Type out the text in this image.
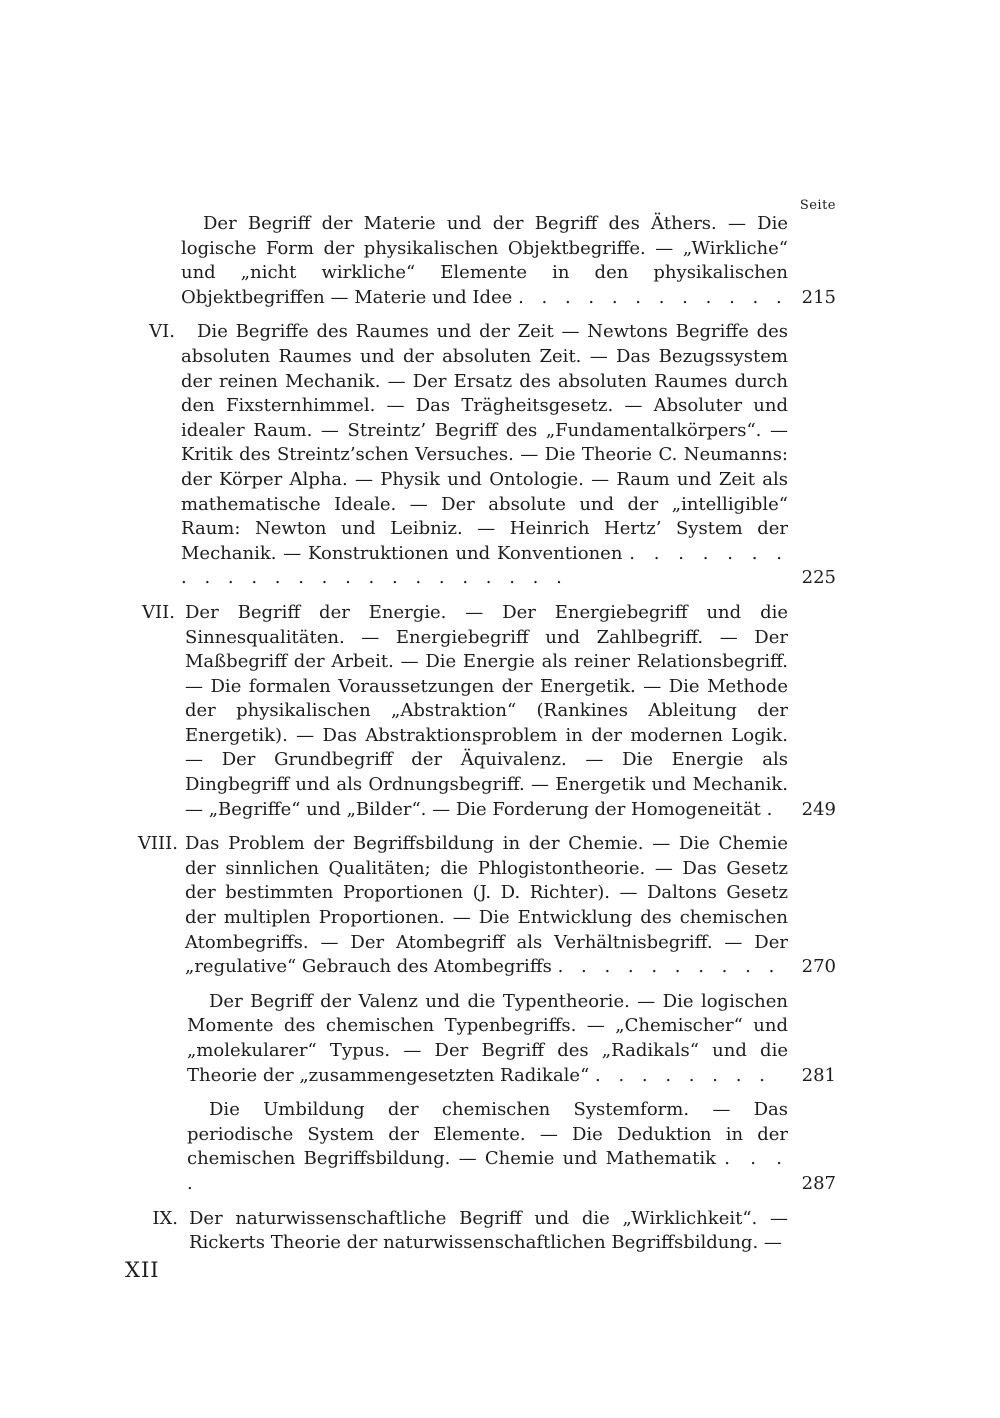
Seite
Der Begriff der Materie und der Begriff des Äthers. — Die logische Form der physikalischen Objektbegriffe. — „Wirkliche“ und „nicht wirkliche“ Elemente in den physikalischen Objektbegriffen — Materie und Idee . . . . . . . . . . . . 215
VI.	Die Begriffe des Raumes und der Zeit — Newtons Begriffe des absoluten Raumes und der absoluten Zeit. — Das Bezugssystem der reinen Mechanik. — Der Ersatz des absoluten Raumes durch den Fixsternhimmel. — Das Trägheitsgesetz. — Absoluter und idealer Raum. — Streintz’ Begriff des „Fundamentalkörpers“. — Kritik des Streintz’schen Versuches. — Die Theorie C. Neumanns: der Körper Alpha. — Physik und Ontologie. — Raum und Zeit als mathematische Ideale. — Der absolute und der „intelligible“ Raum: Newton und Leibniz. — Heinrich Hertz’ System der Mechanik. — Konstruktionen und Konventionen . . . . . . . . . . . . . . . . . . . . . . . .	225
VII. Der Begriff der Energie. — Der Energiebegriff und die Sinnesqualitäten. — Energiebegriff und Zahlbegriff. — Der Maßbegriff der Arbeit. — Die Energie als reiner Relationsbegriff. — Die formalen Voraussetzungen der Energetik. — Die Methode der physikalischen „Abstraktion“ (Rankines Ableitung der Energetik). — Das Abstraktionsproblem in der modernen Logik. — Der Grundbegriff der Äquivalenz. — Die Energie als Dingbegriff und als Ordnungsbegriff. — Energetik und Mechanik. — „Begriffe“ und „Bilder“. — Die Forderung der Homogeneität .	249
VIII. Das Problem der Begriffsbildung in der Chemie. — Die Chemie der sinnlichen Qualitäten; die Phlogistontheorie. — Das Gesetz der bestimmten Proportionen (J. D. Richter). — Daltons Gesetz der multiplen Proportionen. — Die Entwicklung des chemischen Atombegriffs. — Der Atombegriff als Verhältnisbegriff. — Der „regulative“ Gebrauch des Atombegriffs . . . . . . . . . .	270
Der Begriff der Valenz und die Typentheorie. — Die logischen Momente des chemischen Typenbegriffs. — „Chemischer“ und „molekularer“ Typus. — Der Begriff des „Radikals“ und die Theorie der „zusammengesetzten Radikale“ . . . . . . . .	281
Die Umbildung der chemischen Systemform. — Das periodische System der Elemente. — Die Deduktion in der chemischen Begriffsbildung. — Chemie und Mathematik . . . .	287
IX. Der naturwissenschaftliche Begriff und die „Wirklichkeit“. — Rickerts Theorie der naturwissenschaftlichen Begriffsbildung. —
XII
